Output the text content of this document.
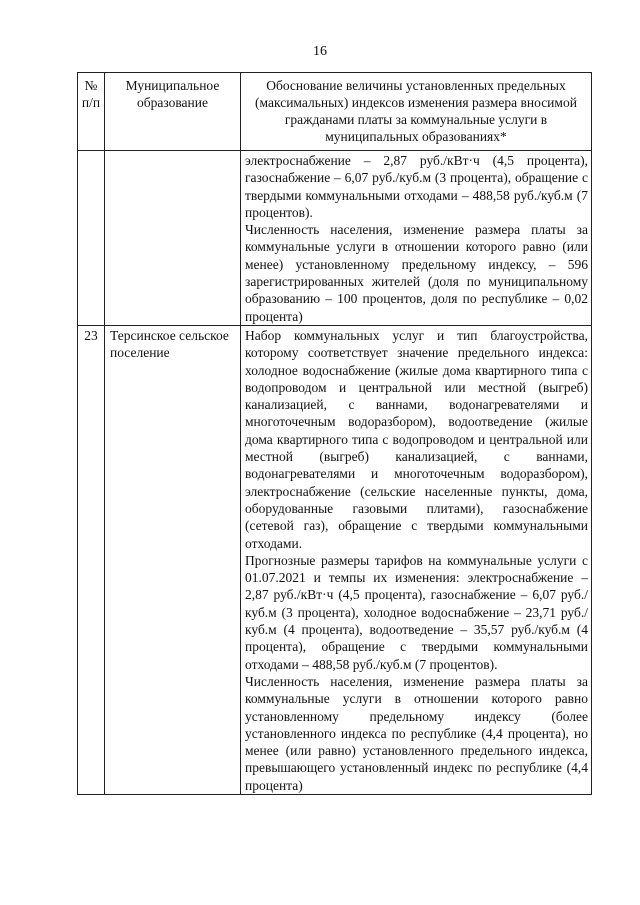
16
№ п/п	Муниципальное образование	Обоснование величины установленных предельных (максимальных) индексов изменения размера вносимой гражданами платы за коммунальные услуги в муниципальных образованиях*

		электроснабжение – 2,87 руб./кВт·ч (4,5 процента), газоснабжение – 6,07 руб./куб.м (3 процента), обращение с твердыми коммунальными отходами – 488,58 руб./куб.м (7 процентов).

Численность населения, изменение размера платы за коммунальные услуги в отношении которого равно (или менее) установленному предельному индексу, – 596 зарегистрированных жителей (доля по муниципальному образованию – 100 процентов, доля по республике – 0,02 процента)

23	Терсинское сельское поселение	Набор коммунальных услуг и тип благоустройства, которому соответствует значение предельного индекса: холодное водоснабжение (жилые дома квартирного типа с водопроводом и центральной или местной (выгреб) канализацией, с ваннами, водонагревателями и многоточечным водоразбором), водоотведение (жилые дома квартирного типа с водопроводом и центральной или местной (выгреб) канализацией, с ваннами, водонагревателями и многоточечным водоразбором), электроснабжение (сельские населенные пункты, дома, оборудованные газовыми плитами), газоснабжение (сетевой газ), обращение с твердыми коммунальными отходами.

Прогнозные размеры тарифов на коммунальные услуги с 01.07.2021 и темпы их изменения: электроснабжение – 2,87 руб./кВт·ч (4,5 процента), газоснабжение – 6,07 руб./куб.м (3 процента), холодное водоснабжение – 23,71 руб./куб.м (4 процента), водоотведение – 35,57 руб./куб.м (4 процента), обращение с твердыми коммунальными отходами – 488,58 руб./куб.м (7 процентов).

Численность населения, изменение размера платы за коммунальные услуги в отношении которого равно установленному предельному индексу (более установленного индекса по республике (4,4 процента), но менее (или равно) установленного предельного индекса, превышающего установленный индекс по республике (4,4 процента)
